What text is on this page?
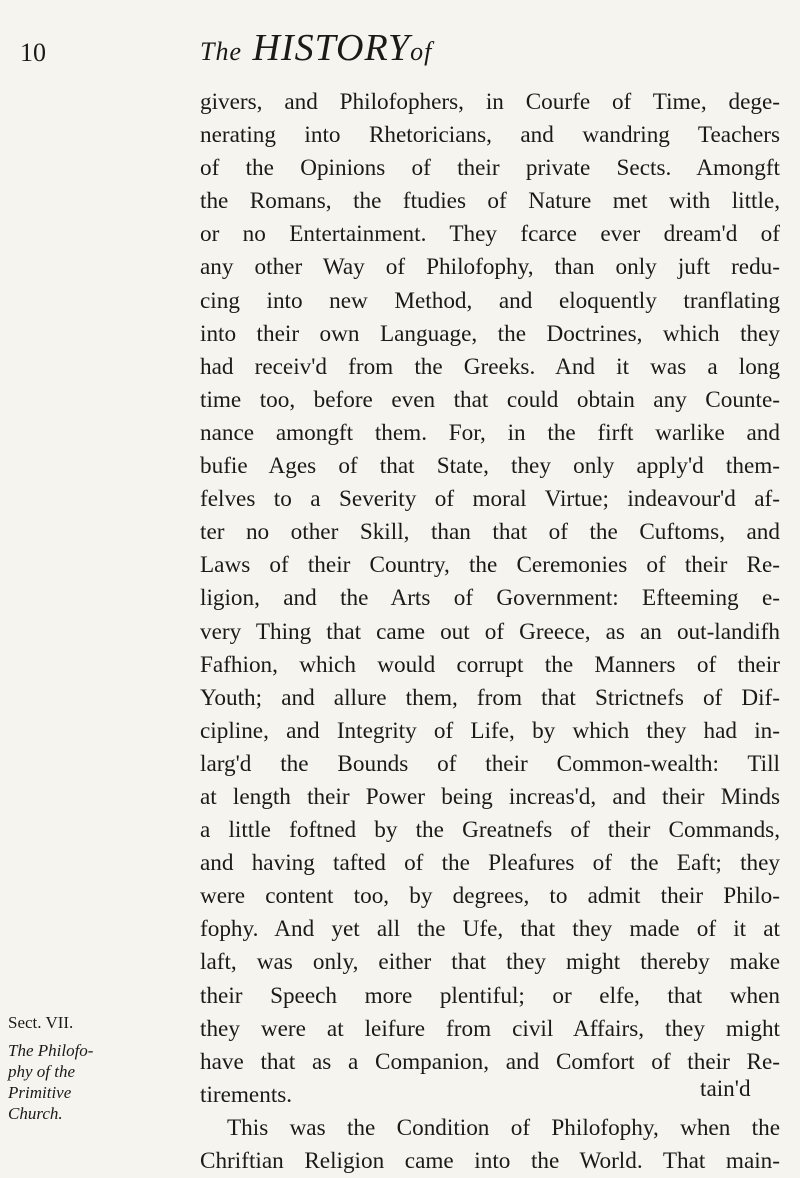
10	The HISTORYof
givers, and Philofophers, in Courfe of Time, dege-
nerating into Rhetoricians, and wandring Teachers
of the Opinions of their private Sects. Amongft
the Romans, the ftudies of Nature met with little,
or no Entertainment. They fcarce ever dream'd of
any other Way of Philofophy, than only juft redu-
cing into new Method, and eloquently tranflating
into their own Language, the Doctrines, which they
had receiv'd from the Greeks. And it was a long
time too, before even that could obtain any Counte-
nance amongft them. For, in the firft warlike and
bufie Ages of that State, they only apply'd them-
felves to a Severity of moral Virtue; indeavour'd af-
ter no other Skill, than that of the Cuftoms, and
Laws of their Country, the Ceremonies of their Re-
ligion, and the Arts of Government: Efteeming e-
very Thing that came out of Greece, as an out-landifh
Fafhion, which would corrupt the Manners of their
Youth; and allure them, from that Strictnefs of Dif-
cipline, and Integrity of Life, by which they had in-
larg'd the Bounds of their Common-wealth: Till
at length their Power being increas'd, and their Minds
a little foftned by the Greatnefs of their Commands,
and having tafted of the Pleafures of the Eaft; they
were content too, by degrees, to admit their Philo-
fophy. And yet all the Ufe, that they made of it at
laft, was only, either that they might thereby make
their Speech more plentiful; or elfe, that when
they were at leifure from civil Affairs, they might
have that as a Companion, and Comfort of their Re-
tirements.
This was the Condition of Philofophy, when the
Chriftian Religion came into the World. That main-
Sect. VII.
The Philofo-
phy of the
Primitive
Church.
tain'd
